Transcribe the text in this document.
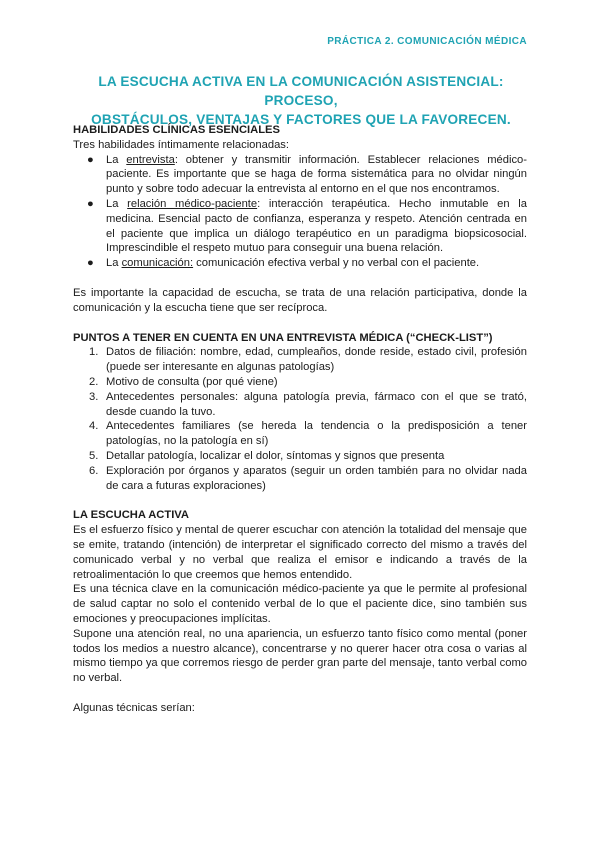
PRÁCTICA 2. COMUNICACIÓN MÉDICA
LA ESCUCHA ACTIVA EN LA COMUNICACIÓN ASISTENCIAL: PROCESO,
OBSTÁCULOS, VENTAJAS Y FACTORES QUE LA FAVORECEN.

HABILIDADES CLÍNICAS ESENCIALES

Tres habilidades íntimamente relacionadas:

● La entrevista: obtener y transmitir información. Establecer relaciones médico-paciente. Es importante que se haga de forma sistemática para no olvidar ningún punto y sobre todo adecuar la entrevista al entorno en el que nos encontramos.
● La relación médico-paciente: interacción terapéutica. Hecho inmutable en la medicina. Esencial pacto de confianza, esperanza y respeto. Atención centrada en el paciente que implica un diálogo terapéutico en un paradigma biopsicosocial. Imprescindible el respeto mutuo para conseguir una buena relación.
● La comunicación: comunicación efectiva verbal y no verbal con el paciente.

Es importante la capacidad de escucha, se trata de una relación participativa, donde la comunicación y la escucha tiene que ser recíproca.

PUNTOS A TENER EN CUENTA EN UNA ENTREVISTA MÉDICA (“CHECK-LIST”)

1. Datos de filiación: nombre, edad, cumpleaños, donde reside, estado civil, profesión (puede ser interesante en algunas patologías)
2. Motivo de consulta (por qué viene)
3. Antecedentes personales: alguna patología previa, fármaco con el que se trató, desde cuando la tuvo.
4. Antecedentes familiares (se hereda la tendencia o la predisposición a tener patologías, no la patología en sí)
5. Detallar patología, localizar el dolor, síntomas y signos que presenta
6. Exploración por órganos y aparatos (seguir un orden también para no olvidar nada de cara a futuras exploraciones)

LA ESCUCHA ACTIVA

Es el esfuerzo físico y mental de querer escuchar con atención la totalidad del mensaje que se emite, tratando (intención) de interpretar el significado correcto del mismo a través del comunicado verbal y no verbal que realiza el emisor e indicando a través de la retroalimentación lo que creemos que hemos entendido.

Es una técnica clave en la comunicación médico-paciente ya que le permite al profesional de salud captar no solo el contenido verbal de lo que el paciente dice, sino también sus emociones y preocupaciones implícitas.

Supone una atención real, no una apariencia, un esfuerzo tanto físico como mental (poner todos los medios a nuestro alcance), concentrarse y no querer hacer otra cosa o varias al mismo tiempo ya que corremos riesgo de perder gran parte del mensaje, tanto verbal como no verbal.

Algunas técnicas serían:
